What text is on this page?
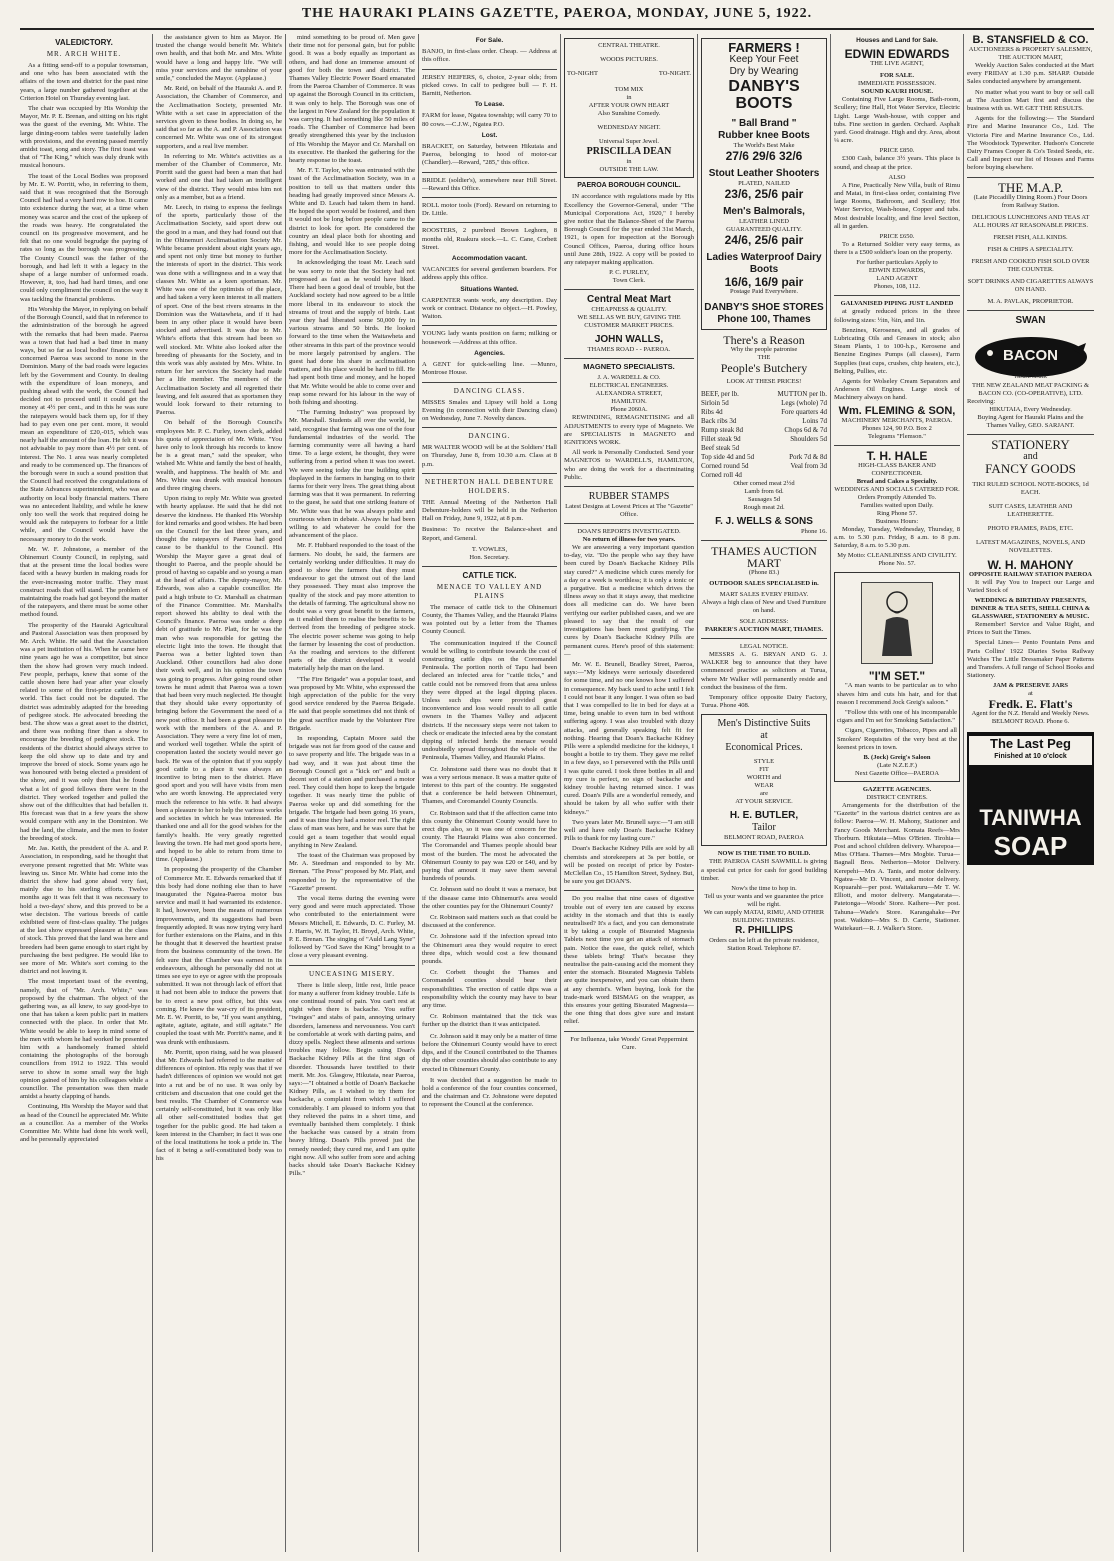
THE HAURAKI PLAINS GAZETTE, PAEROA, MONDAY, JUNE 5, 1922.
VALEDICTORY.
MR. ARCH WHITE.

As a fitting send-off to a popular townsman, and one who has been associated with the affairs of the town and district for the past nine years, a large number gathered together at the Criterion Hotel on Thursday evening last.

The chair was occupied by His Worship the Mayor, Mr. P. E. Brenan, and sitting on his right was the guest of the evening, Mr. White. The large dining-room tables were tastefully laden with provisions, and the evening passed merrily amidst toast, song and story. The first toast was that of "The King," which was duly drunk with musical honours.

The toast of the Local Bodies was proposed by Mr. E. W. Porritt, who, in referring to them, said that it was recognised that the Borough Council had had a very hard row to hoe. It came into existence during the war, at a time when money was scarce and the cost of the upkeep of the roads was heavy. He congratulated the council on its progressive movement, and he felt that no one would begrudge the paying of rates so long as the borough was progressing. The County Council was the father of the borough, and had left it with a legacy in the shape of a large number of unformed roads. However, it, too, had had hard times, and one could only compliment the council on the way it was tackling the financial problems.

His Worship the Mayor, in replying on behalf of the Borough Council, said that in reference to the administration of the borough he agreed with the remarks that had been made. Paeroa was a town that had had a bad time in many ways, but so far as local bodies' finances were concerned Paeroa was second to none in the Dominion. Many of the bad roads were legacies left by the Government and County. In dealing with the expenditure of loan moneys, and pushing ahead with the work, the Council had decided not to proceed until it could get the money at 4½ per cent., and in this he was sure the ratepayers would back them up, for if they had to pay even one per cent. more, it would mean an expenditure of £20,-015, which was nearly half the amount of the loan. He felt it was not advisable to pay more than 4½ per cent. of interest. The No. 1 area was nearly completed and ready to be commenced up. The finances of the borough were in such a sound position that the Council had received the congratulations of the State Advances superintendent, who was an authority on local body financial matters. There was no antecedent liability, and while he knew only too well the work that required doing he would ask the ratepayers to forbear for a little while, and the Council would have the necessary money to do the work.

Mr. W. F. Johnstone, a member of the Ohinemuri County Council, in replying, said that at the present time the local bodies were faced with a heavy burden in making roads for the ever-increasing motor traffic. They must construct roads that will stand. The problem of maintaining the roads had got beyond the matter of the ratepayers, and there must be some other method found.

The prosperity of the Hauraki Agricultural and Pastoral Association was then proposed by Mr. Arch. White. He said that the Association was a pet institution of his. When he came here nine years ago he was a competitor, but since then the show had grown very much indeed. Few people, perhaps, knew that some of the cattle shown here had year after year closely related to some of the first-prize cattle in the world. This fact could not be disputed. The district was admirably adapted for the breeding of pedigree stock. He advocated breeding the best. The show was a great asset to the district, and there was nothing finer than a show to encourage the breeding of pedigree stock. The residents of the district should always strive to keep the old show up to date and try and improve the breed of stock. Some years ago he was honoured with being elected a president of the show, and it was only then that he found what a lot of good fellows there were in the district. They worked together and pulled the show out of the difficulties that had befallen it. His forecast was that in a few years the show would compare with any in the Dominion. We had the land, the climate, and the men to foster the breeding of stock.

Mr. Jas. Keith, the president of the A. and P. Association, in responding, said he thought that everyone present regretted that Mr. White was leaving us. Since Mr. White had come into the district the show had gone ahead very fast, mainly due to his sterling efforts. Twelve months ago it was felt that it was necessary to hold a two-days' show, and this proved to be a wise decision. The various breeds of cattle exhibited were of first-class quality. The judges at the last show expressed pleasure at the class of stock. This proved that the land was here and breeders had been game enough to start right by purchasing the best pedigree. He would like to see more of Mr. White's sort coming to the district and not leaving it.

The most important toast of the evening, namely, that of "Mr. Arch. White," was proposed by the chairman. The object of the gathering was, as all knew, to say good-bye to one that has taken a keen public part in matters connected with the place. In order that Mr. White would be able to keep in mind some of the men with whom he had worked he presented him with a handsomely framed shield containing the photographs of the borough councillors from 1912 to 1922. This would serve to show in some small way the high opinion gained of him by his colleagues while a councillor. The presentation was then made amidst a hearty clapping of hands.

Continuing, His Worship the Mayor said that as head of the Council he appreciated Mr. White as a councillor. As a member of the Works Committee Mr. White had done his work well, and he personally appreciated

the assistance given to him as Mayor. He trusted the change would benefit Mr. White's own health, and that both Mr. and Mrs. White would have a long and happy life. "We will miss your services and the sunshine of your smile," concluded the Mayor. (Applause.)

Mr. Reid, on behalf of the Hauraki A. and P. Association, the Chamber of Commerce, and the Acclimatisation Society, presented Mr. White with a set case in appreciation of the services given to these bodies. In doing so, he said that so far as the A. and P. Association was concerned Mr. White was one of its strongest supporters, and a real live member.

In referring to Mr. White's activities as a member of the Chamber of Commerce, Mr. Porritt said the guest had been a man that had worked and one that had taken an intelligent view of the district. They would miss him not only as a member, but as a friend.

Mr. Leech, in rising to express the feelings of the sports, particularly those of the Acclimatisation Society, said sport drew out the good in a man, and they had found out that in the Ohinemuri Acclimatisation Society Mr. White became president about eight years ago, and spent not only time but money to further the interests of sport in the district. This work was done with a willingness and in a way that classes Mr. White as a keen sportsman. Mr. White was one of the optimists of the place, and had taken a very keen interest in all matters of sport. One of the best rivers streams in the Dominion was the Waitawheta, and if it had been in any other place it would have been stocked and advertised. It was due to Mr. White's efforts that this stream had been so well stocked. Mr. White also looked after the breeding of pheasants for the Society, and in this work was ably assisted by Mrs. White. In return for her services the Society had made her a life member. The members of the Acclimatisation Society and all regretted their leaving, and felt assured that as sportsmen they would look forward to their returning to Paeroa.

On behalf of the Borough Council's employees Mr. P. C. Furley, town clerk, added his quota of appreciation of Mr. White. "You have only to look through his records to know he is a great man," said the speaker, who wished Mr. White and family the best of health, wealth, and happiness. The health of Mr. and Mrs. White was drunk with musical honours and three ringing cheers.

Upon rising to reply Mr. White was greeted with hearty applause. He said that he did not deserve the kindness. He thanked His Worship for kind remarks and good wishes. He had been on the Council for the last three years, and thought the ratepayers of Paeroa had good cause to be thankful to the Council. His Worship the Mayor gave a great deal of thought to Paeroa, and the people should be proud of having so capable and so young a man at the head of affairs. The deputy-mayor, Mr. Edwards, was also a capable councillor. He paid a high tribute to Cr. Marshall as chairman of the Finance Committee. Mr. Marshall's report showed his ability to deal with the Council's finance. Paeroa was under a deep debt of gratitude to Mr. Platt, for he was the man who was responsible for getting the electric light into the town. He thought that Paeroa was a better lighted town than Auckland. Other councillors had also done their work well, and in his opinion the town was going to progress. After going round other towns he must admit that Paeroa was a town that had been very much neglected. He thought that they should take every opportunity of bringing before the Government the need of a new post office. It had been a great pleasure to work with the members of the A. and P. Association. They were a very fine lot of men, and worked well together. While the spirit of cooperation lasted the society would never go back. He was of the opinion that if you supply good cattle to a place it was always an incentive to bring men to the district. Have good sport and you will have visits from men who are worth knowing. He appreciated very much the reference to his wife. It had always been a pleasure to her to help the various works and societies in which he was interested. He thanked one and all for the good wishes for the family's health. He very greatly regretted leaving the town. He had met good sports here, and hoped to be able to return from time to time. (Applause.)

In proposing the prosperity of the Chamber of Commerce Mr. E. Edwards remarked that if this body had done nothing else than to have inaugurated the Ngatea-Paeroa motor bus service and mail it had warranted its existence. It had, however, been the means of numerous improvements, and its suggestions had been frequently adopted. It was now trying very hard for further extensions on the Plains, and in this he thought that it deserved the heartiest praise from the business community of the town. He felt sure that the Chamber was earnest in its endeavours, although he personally did not at times see eye to eye or agree with the proposals submitted. It was not through lack of effort that it had not been able to induce the powers that be to erect a new post office, but this was coming. He knew the war-cry of its president, Mr. E. W. Porritt, to be, "If you want anything, agitate, agitate, agitate, and still agitate." He coupled the toast with Mr. Porritt's name, and it was drunk with enthusiasm.

Mr. Porritt, upon rising, said he was pleased that Mr. Edwards had referred to the matter of differences of opinion. His reply was that if we hadn't differences of opinion we would not get into a rut and be of no use. It was only by criticism and discussion that one could get the best results. The Chamber of Commerce was certainly self-constituted, but it was only like all other self-constituted bodies that get together for the public good. He had taken a keen interest in the Chamber; in fact it was one of the local institutions he took a pride in. The fact of it being a self-constituted body was to his

mind something to be proud of. Men gave their time not for personal gain, but for public good. It was a body equally as important as others, and had done an immense amount of good for both the town and district. The Thames Valley Electric Power Board emanated from the Paeroa Chamber of Commerce. It was up against the Borough Council in its criticism, it was only to help. The Borough was one of the largest in New Zealand for the population it was carrying. It had something like 50 miles of roads. The Chamber of Commerce had been greatly strengthened this year by the inclusion of His Worship the Mayor and Cr. Marshall on its executive. He thanked the gathering for the hearty response to the toast.

Mr. F. T. Taylor, who was entrusted with the toast of the Acclimatisation Society, was in a position to tell us that matters under this heading had greatly improved since Messrs A. White and D. Leach had taken them in hand. He hoped the sport would be fostered, and then it would not be long before people came to the district to look for sport. He considered the country an ideal place both for shooting and fishing, and would like to see people doing more for the Acclimatisation Society.

In acknowledging the toast Mr. Leach said he was sorry to note that the Society had not progressed as fast as he would have liked. There had been a good deal of trouble, but the Auckland society had now agreed to be a little more liberal in its endeavour to stock the streams of trout and the supply of birds. Last year they had liberated some 50,000 fry in various streams and 50 birds. He looked forward to the time when the Waitawheta and other streams in this part of the province would be more largely patronised by anglers. The guest had done his share in acclimatisation matters, and his place would be hard to fill. He had spent both time and money, and he hoped that Mr. White would be able to come over and reap some reward for his labour in the way of both fishing and shooting.

"The Farming Industry" was proposed by Mr. Marshall. Students all over the world, he said, recognise that farming was one of the four fundamental industries of the world. The farming community were all having a hard time. To a large extent, he thought, they were suffering from a period when it was too sweet. We were seeing today the true building spirit displayed in the farmers in hanging on to their farms for their very lives. The great thing about farming was that it was permanent. In referring to the guest, he said that one striking feature of Mr. White was that he was always polite and courteous when in debate. Always he had been willing to aid whatever he could for the advancement of the place.

Mr. F. Hubbard responded to the toast of the farmers. No doubt, he said, the farmers are certainly working under difficulties. It may do good to show the farmers that they must endeavour to get the utmost out of the land they possessed. They must also improve the quality of the stock and pay more attention to the details of farming. The agricultural show no doubt was a very great benefit to the farmers, as it enabled them to realise the benefits to be derived from the breeding of pedigree stock. The electric power scheme was going to help the farmer by lessening the cost of production. As the roading and services to the different parts of the district developed it would materially help the man on the land.

"The Fire Brigade" was a popular toast, and was proposed by Mr. White, who expressed the high appreciation of the public for the very good service rendered by the Paeroa Brigade. He said that people sometimes did not think of the great sacrifice made by the Volunteer Fire Brigade.

In responding, Captain Moore said the brigade was not far from good of the cause and to save property and life. The brigade was in a bad way, and it was just about time the Borough Council got a "kick on" and built a decent sort of a station and purchased a motor reel. They could then hope to keep the brigade together. It was nearly time the public of Paeroa woke up and did something for the brigade. The brigade had been going 16 years, and it was time they had a motor reel. The right class of man was here, and he was sure that he could get a team together that would equal anything in New Zealand.

The toast of the Chairman was proposed by Mr. A. Steedman and responded to by Mr. Brenan. "The Press" proposed by Mr. Platt, and responded to by the representative of the "Gazette" present.

The vocal items during the evening were very good and were much appreciated. Those who contributed to the entertainment were Messrs Mitchell, E. Edwards, D. C. Furley, M. J. Harris, W. H. Taylor, H. Broyd, Arch. White, P. E. Brenan. The singing of "Auld Lang Syne" followed by "God Save the King" brought to a close a very pleasant evening.

UNCEASING MISERY.

There is little sleep, little rest, little peace for many a sufferer from kidney trouble. Life is one continual round of pain. You can't rest at night when there is backache. You suffer "twinges" and stabs of pain, annoying urinary disorders, lameness and nervousness. You can't be comfortable at work with darting pains, and dizzy spells. Neglect these ailments and serious troubles may follow. Begin using Doan's Backache Kidney Pills at the first sign of disorder. Thousands have testified to their merit. Mr. Jos. Glasgow, Hikutaia, near Paeroa, says:—"I obtained a bottle of Doan's Backache Kidney Pills, as I wished to try them for backache, a complaint from which I suffered considerably. I am pleased to inform you that they relieved the pains in a short time, and eventually banished them completely. I think the backache was caused by a strain from heavy lifting. Doan's Pills proved just the remedy needed; they cured me, and I am quite right now. All who suffer from sore and aching backs should take Doan's Backache Kidney Pills."

For Sale.

BANJO, in first-class order. Cheap. — Address at this office.

JERSEY HEIFERS, 6, choice, 2-year olds; from picked cows. In calf to pedigree bull — F. H. Barnitt, Netherton.

To Lease.

FARM for lease, Ngatea township; will carry 70 to 80 cows.—C.J.W., Ngatea P.O.

Lost.

BRACKET, on Saturday, between Hikutaia and Paeroa, belonging to hood of motor-car (Chandler).—Reward, "285," this office.

BRIDLE (soldier's), somewhere near Hill Street.—Reward this Office.

ROLL motor tools (Ford). Reward on returning to Dr. Little.

ROOSTERS, 2 purebred Brown Leghorn, 8 months old, Ruakura stock.—L. C. Cane, Corbett Street.

Accommodation vacant.

VACANCIES for several gentlemen boarders. For address apply this office.

Situations Wanted.

CARPENTER wants work, any description. Day work or contract. Distance no object.—H. Powley, Waiton.

YOUNG lady wants position on farm; milking or housework —Address at this office.

Agencies.

A GENT for quick-selling line. —Munro, Montrose House.

DANCING CLASS.

MISSES Smales and Lipsey will hold a Long Evening (in connection with their Dancing class) on Wednesday, June 7. Novelty dances.

DANCING.

MR WALTER WOOD will be at the Soldiers' Hall on Thursday, June 8, from 10.30 a.m. Class at 8 p.m.

NETHERTON HALL DEBENTURE HOLDERS.

THE Annual Meeting of the Netherton Hall Debenture-holders will be held in the Netherton Hall on Friday, June 9, 1922, at 8 p.m.

Business: To receive the Balance-sheet and Report, and General.

T. VOWLES,
Hon. Secretary.
CATTLE TICK.
MENACE TO VALLEY AND PLAINS

The menace of cattle tick to the Ohinemuri County, the Thames Valley, and the Hauraki Plains was pointed out by a letter from the Thames County Council.

The communication inquired if the Council would be willing to contribute towards the cost of constructing cattle dips on the Coromandel Peninsula. The portion north of Tapu had been declared an infected area for "cattle ticks," and cattle could not be removed from that area unless they were dipped at the legal dipping places. Unless such dips were provided great inconvenience and loss would result to all cattle owners in the Thames Valley and adjacent districts. If the necessary steps were not taken to check or eradicate the infected area by the constant dipping of infected herds the menace would undoubtedly spread throughout the whole of the Peninsula, Thames Valley, and Hauraki Plains.

Cr. Johnstone said there was no doubt that it was a very serious menace. It was a matter quite of interest to this part of the country. He suggested that a conference be held between Ohinemuri, Thames, and Coromandel County Councils.

Cr. Robinson said that if the affection came into this county the Ohinemuri County would have to erect dips also, so it was one of concern for the county. The Hauraki Plains was also concerned. The Coromandel and Thames people should bear most of the burden. The most he advocated the Ohinemuri County to pay was £20 or £40, and by paying that amount it may save them several hundreds of pounds.

Cr. Johnson said no doubt it was a menace, but if the disease came into Ohinemuri's area would the other counties pay for the Ohinemuri County?

Cr. Robinson said matters such as that could be discussed at the conference.

Cr. Johnstone said if the infection spread into the Ohinemuri area they would require to erect three dips, which would cost a few thousand pounds.

Cr. Corbett thought the Thames and Coromandel counties should bear their responsibilities. The erection of cattle dips was a responsibility which the county may have to bear any time.

Cr. Robinson maintained that the tick was further up the district than it was anticipated.

Cr. Johnson said it may only be a matter of time before the Ohinemuri County would have to erect dips, and if the Council contributed to the Thames dip the other counties should also contribute to any erected in Ohinemuri County.

It was decided that a suggestion be made to hold a conference of the four counties concerned, and the chairman and Cr. Johnstone were deputed to represent the Council at the conference.

CENTRAL THEATRE.
WOODS PICTURES.
TO-NIGHT	TO-NIGHT.
TOM MIX
in
AFTER YOUR OWN HEART
Also Sunshine Comedy.
WEDNESDAY NIGHT.
Universal Super Jewel.
PRISCILLA DEAN
in
OUTSIDE THE LAW.
PAEROA BOROUGH COUNCIL.

IN accordance with regulations made by His Excellency the Governor-General, under "The Municipal Corporations Act, 1920," I hereby give notice that the Balance-Sheet of the Paeroa Borough Council for the year ended 31st March, 1921, is open for inspection at the Borough Council Offices, Paeroa, during office hours until June 28th, 1922. A copy will be posted to any ratepayer making application.

P. C. FURLEY,
Town Clerk.
Central Meat Mart
CHEAPNESS & QUALITY.
WE SELL AS WE BUY, GIVING THE CUSTOMER MARKET PRICES.
JOHN WALLS,
THAMES ROAD - - PAEROA.
MAGNETO SPECIALISTS.
J. A. WARDELL & CO.
ELECTRICAL ENGINEERS.
ALEXANDRA STREET,
HAMILTON.
Phone 2060A.

REWINDING, REMAGNETISING and all ADJUSTMENTS to every type of Magneto. We are SPECIALISTS in MAGNETO and IGNITIONS WORK.

All work is Personally Conducted. Send your MAGNETOS to WARDELL'S, HAMILTON, who are doing the work for a discriminating Public.

RUBBER STAMPS
Latest Designs at Lowest Prices at The "Gazette" Office.
DOAN'S REPORTS INVESTIGATED.
No return of illness for two years.

We are answering a very important question to-day, viz. "Do the people who say they have been cured by Doan's Backache Kidney Pills stay cured?" A medicine which cures merely for a day or a week is worthless; it is only a tonic or a purgative. But a medicine which drives the illness away so that it stays away, that medicine does all medicine can do. We have been verifying our earlier published cases, and we are pleased to say that the result of our investigations has been most gratifying. The cures by Doan's Backache Kidney Pills are permanent cures. Here's proof of this statement:—

Mr. W. E. Brunell, Bradley Street, Paeroa, says:—"My kidneys were seriously disordered for some time, and no one knows how I suffered in consequence. My back used to ache until I felt I could not bear it any longer. I was often so bad that I was compelled to lie in bed for days at a time, being unable to even turn in bed without suffering agony. I was also troubled with dizzy attacks, and generally speaking felt fit for nothing. Hearing that Doan's Backache Kidney Pills were a splendid medicine for the kidneys, I bought a bottle to try them. They gave me relief in a few days, so I persevered with the Pills until I was quite cured. I took three bottles in all and my cure is perfect, no sign of backache and kidney trouble having returned since. I was cured. Doan's Pills are a wonderful remedy, and should be taken by all who suffer with their kidneys."

Two years later Mr. Brunell says:—"I am still well and have only Doan's Backache Kidney Pills to thank for my lasting cure."

Doan's Backache Kidney Pills are sold by all chemists and storekeepers at 3s per bottle, or will be posted on receipt of price by Foster-McClellan Co., 15 Hamilton Street, Sydney. But, be sure you get DOAN'S.

Do you realise that nine cases of digestive trouble out of every ten are caused by excess acidity in the stomach and that this is easily neutralised? It's a fact, and you can demonstrate it by taking a couple of Bisurated Magnesia Tablets next time you get an attack of stomach pain. Notice the ease, the quick relief, which these tablets bring! That's because they neutralise the pain-causing acid the moment they enter the stomach. Bisurated Magnesia Tablets are quite inexpensive, and you can obtain them at any chemist's. When buying, look for the trade-mark word BISMAG on the wrapper, as this ensures your getting Bisurated Magnesia—the one thing that does give sure and instant relief.

For Influenza, take Woods' Great Peppermint Cure.
FARMERS !
Keep Your Feet
Dry by Wearing
DANBY'S BOOTS
" Ball Brand "
Rubber knee Boots
The World's Best Make
27/6 29/6 32/6
Stout Leather Shooters
PLATED, NAILED
23/6, 25/6 pair
Men's Balmorals,
LEATHER LINED
GUARANTEED QUALITY.
24/6, 25/6 pair
Ladies Waterproof Dairy Boots
16/6, 16/9 pair
Postage Paid Everywhere.
DANBY'S SHOE STORES
Phone 100, Thames
There's a Reason
Why the people patronise
THE
People's Butchery
LOOK AT THESE PRICES!
BEEF, per lb.	MUTTON per lb.
Sirloin 5d	Legs (whole) 7d
Ribs 4d	Fore quarters 4d
Back ribs 3d	Loins 7d
Rump steak 8d	Chops 6d & 7d
Fillet steak 9d	Shoulders 5d
Beef steak 5d
Top side 4d and 5d	Pork 7d & 8d
Corned round 5d	Veal from 3d
Corned roll 4d
Other corned meat 2½d
Lamb from 6d.
Sausages 5d
Rough meat 2d.
F. J. WELLS & SONS
Phone 16.
THAMES AUCTION MART
(Phone 83.)
OUTDOOR SALES SPECIALISED in.
MART SALES EVERY FRIDAY.
Always a high class of New and Used Furniture on hand.
SOLE ADDRESS:
PARKER'S AUCTION MART, THAMES.
LEGAL NOTICE.

MESSRS A. G. BRYAN AND G. J. WALKER beg to announce that they have commenced practice as solicitors at Turua, where Mr Walker will permanently reside and conduct the business of the firm.

Temporary office opposite Dairy Factory, Turua. Phone 408.

Men's Distinctive Suits
at
Economical Prices.
STYLE
FIT
WORTH and
WEAR
are
AT YOUR SERVICE.
H. E. BUTLER,
Tailor
BELMONT ROAD, PAEROA
NOW IS THE TIME TO BUILD.

THE PAEROA CASH SAWMILL is giving a special cut price for cash for good building timber.

Now's the time to hop in.
Tell us your wants and we guarantee the price will be right.
We can supply MATAI, RIMU, AND OTHER BUILDING TIMBERS.
R. PHILLIPS
Orders can be left at the private residence, Station Road. Telephone 87.
Houses and Land for Sale.
EDWIN EDWARDS
THE LIVE AGENT,
FOR SALE.
IMMEDIATE POSSESSION.
SOUND KAURI HOUSE.

Containing Five Large Rooms, Bath-room, Scullery; fine Hall, Hot Water Service, Electric Light. Large Wash-house, with copper and tubs. Fine section in garden. Orchard. Asphalt yard. Good drainage. High and dry. Area, about ¼ acre.

PRICE £850.

£300 Cash, balance 3½ years. This place is sound, and cheap at the price.

ALSO

A Fine, Practically New Villa, built of Rimu and Matai, in first-class order, containing Five large Rooms, Bathroom, and Scullery; Hot Water Service, Wash-house, Copper and tubs. Most desirable locality, and fine level Section, all in garden.

PRICE £650.

To a Returned Soldier very easy terms, as there is a £500 soldier's loan on the property.

For further particulars Apply to
EDWIN EDWARDS,
LAND AGENT
Phones, 108, 112.
GALVANISED PIPING JUST LANDED

at greatly reduced prices in the three following sizes: ½in, ¾in, and 1in.

Benzines, Kerosenes, and all grades of Lubricating Oils and Greases in stock; also Steam Plants, 1 to 100-h.p., Kerosene and Benzine Engines Pumps (all classes), Farm Supplies (teat cups, crushes, chip heaters, etc.), Belting, Pullies, etc.

Agents for Wolseley Cream Separators and Anderson Oil Engines. Large stock of Machinery always on hand.

Wm. FLEMING & SON,
MACHINERY MERCHANTS, PAEROA.
Phones 124, 90 P.O. Box 2
Telegrams "Flemson."
T. H. HALE
HIGH-CLASS BAKER AND CONFECTIONER.
Bread and Cakes a Specialty.
WEDDINGS AND SOCIALS CATERED FOR.
Orders Promptly Attended To.
Families waited upon Daily.
Ring Phone 57.
Business Hours:

Monday, Tuesday, Wednesday, Thursday, 8 a.m. to 5.30 p.m. Friday, 8 a.m. to 8 p.m. Saturday, 8 a.m. to 5.30 p.m.

My Motto: CLEANLINESS AND CIVILITY. Phone No. 57.
"I'M SET."

"A man wants to be particular as to who shaves him and cuts his hair, and for that reason I recommend Jock Greig's saloon."

"Follow this with one of his incomparable cigars and I'm set for Smoking Satisfaction."

Cigars, Cigarettes, Tobacco, Pipes and all Smokers' Requisites of the very best at the keenest prices in town.

B. (Jock) Greig's Saloon
(Late N.Z.E.F.)
Next Gazette Office—PAEROA
GAZETTE AGENCIES.
DISTRICT CENTRES.

Arrangements for the distribution of the "Gazette" in the various district centres are as follow: Paeroa—W. H. Mahony, Stationer and Fancy Goods Merchant. Komata Reefs—Mrs Thorburn. Hikutaia—Miss O'Brien. Tirohia—Post and school children delivery. Wharepoa—Miss O'Hara. Thames—Mrs Mogbie. Turua—Bagnall Bros. Netherton—Motor Delivery. Kerepehi—Mrs A. Tanis, and motor delivery. Ngatea—Mr D. Vincent, and motor delivery. Kopuarahi—per post. Waitakaruru—Mr T. W. Elliott, and motor delivery. Mangatarata—. Patetonga—Woods' Store. Kaihere—Per post. Tahuna—Wade's Store. Karangahake—Per post. Waikino—Mrs S. D. Carrie, Stationer. Waitekauri—R. J. Walker's Store.

B. STANSFIELD & CO.
AUCTIONEERS & PROPERTY SALESMEN,
THE AUCTION MART,

Weekly Auction Sales conducted at the Mart every FRIDAY at 1.30 p.m. SHARP. Outside Sales conducted anywhere by arrangement.

No matter what you want to buy or sell call at The Auction Mart first and discuss the business with us. WE GET THE RESULTS.

Agents for the following:— The Standard Fire and Marine Insurance Co., Ltd. The Victoria Fire and Marine Insurance Co., Ltd. The Woodstock Typewriter. Hudson's Concrete Dairy Frames Cooper & Co's Tested Seeds, etc. Call and Inspect our list of Houses and Farms before buying elsewhere.

THE M.A.P.
(Late Piccadilly Dining Room.) Four Doors from Railway Station.
DELICIOUS LUNCHEONS AND TEAS AT ALL HOURS AT REASONABLE PRICES.
FRESH FISH, ALL KINDS.
FISH & CHIPS A SPECIALITY.
FRESH AND COOKED FISH SOLD OVER THE COUNTER.
SOFT DRINKS AND CIGARETTES ALWAYS ON HAND.
M. A. PAVLAK, PROPRIETOR.
SWAN
BACON
TRADE MARK
THE NEW ZEALAND MEAT PACKING & BACON CO. (CO-OPERATIVE), LTD.
Receiving:
HIKUTAIA, Every Wednesday.
Buying Agent for Hauraki Plains and the Thames Valley, GEO. SARJANT.
STATIONERY
and
FANCY GOODS
TIKI RULED SCHOOL NOTE-BOOKS, 1d EACH.
SUIT CASES, LEATHER AND LEATHERETTE.
PHOTO FRAMES, PADS, ETC.
LATEST MAGAZINES, NOVELS, AND NOVELETTES.
W. H. MAHONY
OPPOSITE RAILWAY STATION PAEROA

It will Pay You to Inspect our Large and Varied Stock of

WEDDING & BIRTHDAY PRESENTS, DINNER & TEA SETS, SHELL CHINA & GLASSWARE, STATIONERY & MUSIC.

Remember! Service and Value Right, and Prices to Suit the Times.

Special Lines— Pento Fountain Pens and Parts Collins' 1922 Diaries Swiss Railway Watches The Little Dressmaker Paper Patterns and Transfers. A full range of School Books and Stationery.

JAM & PRESERVE JARS
at
Fredk. E. Flatt's
Agent for the N.Z. Herald and Weekly News. BELMONT ROAD. Phone 6.
The Last Peg
Finished at 10 o'clock
TANIWHA
SOAP
